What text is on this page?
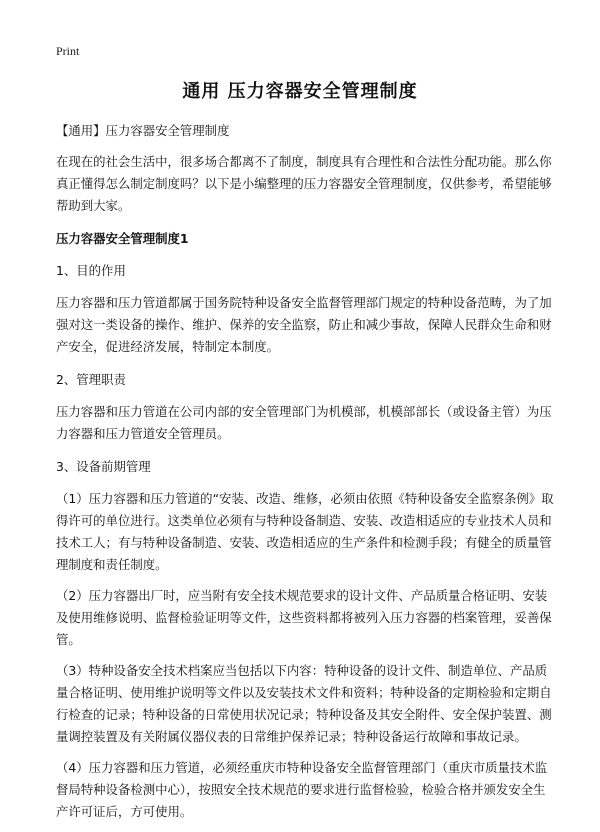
Print
通用 压力容器安全管理制度

【通用】压力容器安全管理制度

在现在的社会生活中，很多场合都离不了制度，制度具有合理性和合法性分配功能。那么你真正懂得怎么制定制度吗？以下是小编整理的压力容器安全管理制度，仅供参考，希望能够帮助到大家。

压力容器安全管理制度1

1、目的作用

压力容器和压力管道都属于国务院特种设备安全监督管理部门规定的特种设备范畴，为了加强对这一类设备的操作、维护、保养的安全监察，防止和减少事故，保障人民群众生命和财产安全，促进经济发展，特制定本制度。

2、管理职责

压力容器和压力管道在公司内部的安全管理部门为机模部，机模部部长（或设备主管）为压力容器和压力管道安全管理员。

3、设备前期管理

（1）压力容器和压力管道的“安装、改造、维修，必须由依照《特种设备安全监察条例》取得许可的单位进行。这类单位必须有与特种设备制造、安装、改造相适应的专业技术人员和技术工人；有与特种设备制造、安装、改造相适应的生产条件和检测手段；有健全的质量管理制度和责任制度。

（2）压力容器出厂时，应当附有安全技术规范要求的设计文件、产品质量合格证明、安装及使用维修说明、监督检验证明等文件，这些资料都将被列入压力容器的档案管理，妥善保管。

（3）特种设备安全技术档案应当包括以下内容：特种设备的设计文件、制造单位、产品质量合格证明、使用维护说明等文件以及安装技术文件和资料；特种设备的定期检验和定期自行检查的记录；特种设备的日常使用状况记录；特种设备及其安全附件、安全保护装置、测量调控装置及有关附属仪器仪表的日常维护保养记录；特种设备运行故障和事故记录。

（4）压力容器和压力管道，必须经重庆市特种设备安全监督管理部门（重庆市质量技术监督局特种设备检测中心），按照安全技术规范的要求进行监督检验，检验合格并颁发安全生产许可证后，方可使用。
